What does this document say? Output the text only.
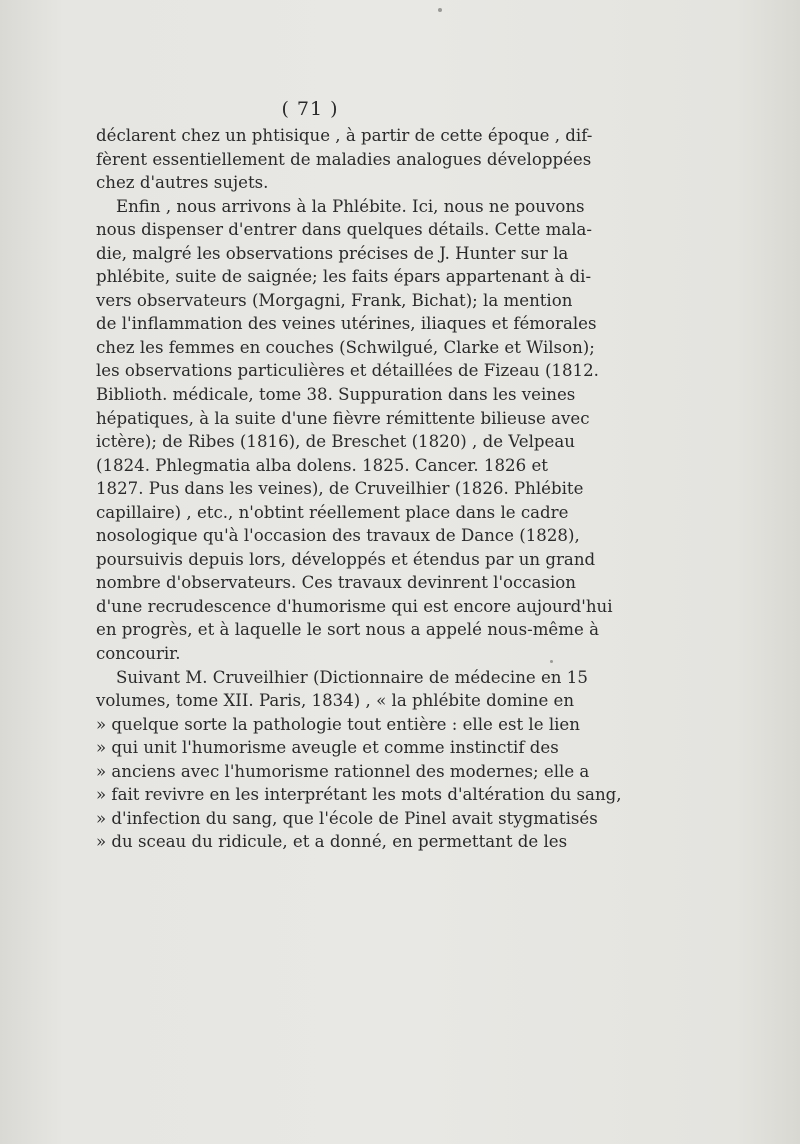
( 71 )
déclarent chez un phtisique , à partir de cette époque , dif-
fèrent essentiellement de maladies analogues développées
chez d'autres sujets.
Enfin , nous arrivons à la Phlébite. Ici, nous ne pouvons
nous dispenser d'entrer dans quelques détails. Cette mala-
die, malgré les observations précises de J. Hunter sur la
phlébite, suite de saignée; les faits épars appartenant à di-
vers observateurs (Morgagni, Frank, Bichat); la mention
de l'inflammation des veines utérines, iliaques et fémorales
chez les femmes en couches (Schwilgué, Clarke et Wilson);
les observations particulières et détaillées de Fizeau (1812.
Biblioth. médicale, tome 38. Suppuration dans les veines
hépatiques, à la suite d'une fièvre rémittente bilieuse avec
ictère); de Ribes (1816), de Breschet (1820) , de Velpeau
(1824. Phlegmatia alba dolens. 1825. Cancer. 1826 et
1827. Pus dans les veines), de Cruveilhier (1826. Phlébite
capillaire) , etc., n'obtint réellement place dans le cadre
nosologique qu'à l'occasion des travaux de Dance (1828),
poursuivis depuis lors, développés et étendus par un grand
nombre d'observateurs. Ces travaux devinrent l'occasion
d'une recrudescence d'humorisme qui est encore aujourd'hui
en progrès, et à laquelle le sort nous a appelé nous-même à
concourir.
Suivant M. Cruveilhier (Dictionnaire de médecine en 15
volumes, tome XII. Paris, 1834) , « la phlébite domine en
» quelque sorte la pathologie tout entière : elle est le lien
» qui unit l'humorisme aveugle et comme instinctif des
» anciens avec l'humorisme rationnel des modernes; elle a
» fait revivre en les interprétant les mots d'altération du sang,
» d'infection du sang, que l'école de Pinel avait stygmatisés
» du sceau du ridicule, et a donné, en permettant de les
